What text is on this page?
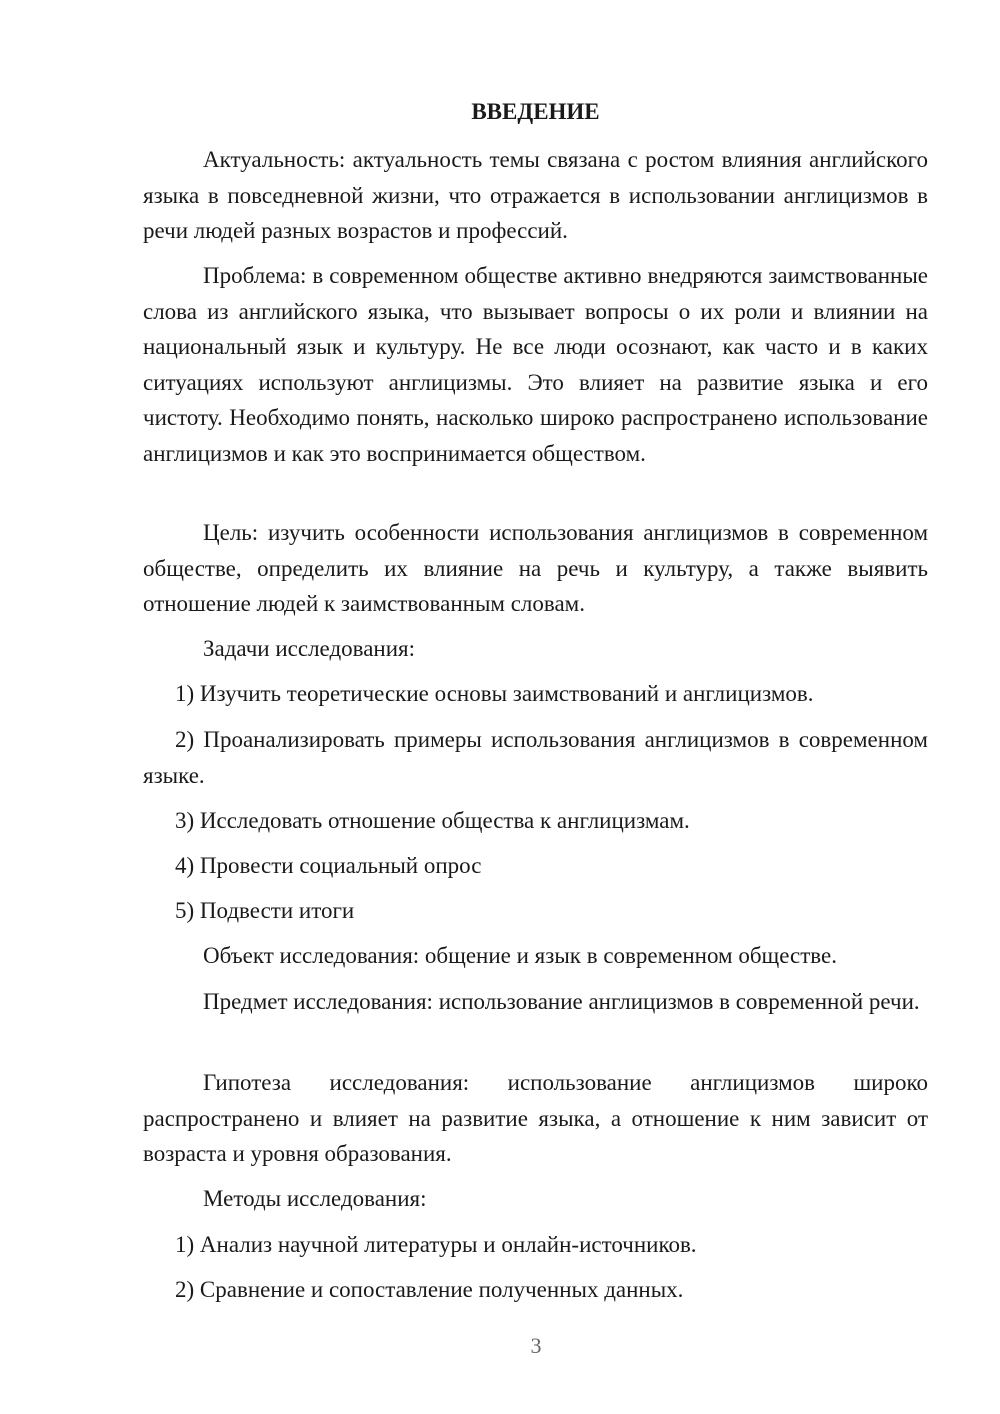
ВВЕДЕНИЕ

Актуальность: актуальность темы связана с ростом влияния английского языка в повседневной жизни, что отражается в использовании англицизмов в речи людей разных возрастов и профессий.

Проблема: в современном обществе активно внедряются заимствованные слова из английского языка, что вызывает вопросы о их роли и влиянии на национальный язык и культуру. Не все люди осознают, как часто и в каких ситуациях используют англицизмы. Это влияет на развитие языка и его чистоту. Необходимо понять, насколько широко распространено использование англицизмов и как это воспринимается обществом.

Цель: изучить особенности использования англицизмов в современном обществе, определить их влияние на речь и культуру, а также выявить отношение людей к заимствованным словам.

Задачи исследования:

1) Изучить теоретические основы заимствований и англицизмов.

2) Проанализировать примеры использования англицизмов в современном языке.

3) Исследовать отношение общества к англицизмам.

4) Провести социальный опрос

5) Подвести итоги

Объект исследования: общение и язык в современном обществе.

Предмет исследования: использование англицизмов в современной речи.

Гипотеза исследования: использование англицизмов широко распространено и влияет на развитие языка, а отношение к ним зависит от возраста и уровня образования.

Методы исследования:

1) Анализ научной литературы и онлайн-источников.

2) Сравнение и сопоставление полученных данных.

3
